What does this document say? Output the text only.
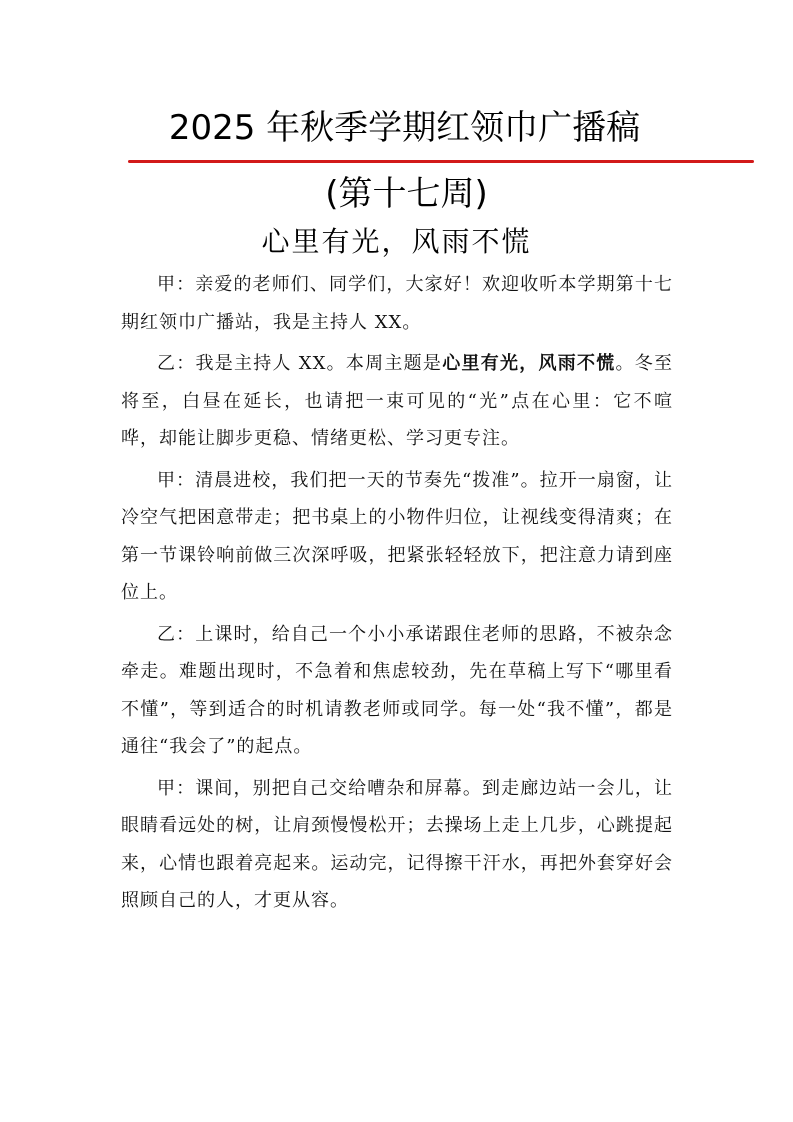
2025 年秋季学期红领巾广播稿
(第十七周)
心里有光，风雨不慌

甲：亲爱的老师们、同学们，大家好！欢迎收听本学期第十七期红领巾广播站，我是主持人 XX。

乙：我是主持人 XX。本周主题是心里有光，风雨不慌。冬至将至，白昼在延长，也请把一束可见的“光”点在心里：它不喧哗，却能让脚步更稳、情绪更松、学习更专注。

甲：清晨进校，我们把一天的节奏先“拨准”。拉开一扇窗，让冷空气把困意带走；把书桌上的小物件归位，让视线变得清爽；在第一节课铃响前做三次深呼吸，把紧张轻轻放下，把注意力请到座位上。

乙：上课时，给自己一个小小承诺跟住老师的思路，不被杂念牵走。难题出现时，不急着和焦虑较劲，先在草稿上写下“哪里看不懂”，等到适合的时机请教老师或同学。每一处“我不懂”，都是通往“我会了”的起点。

甲：课间，别把自己交给嘈杂和屏幕。到走廊边站一会儿，让眼睛看远处的树，让肩颈慢慢松开；去操场上走上几步，心跳提起来，心情也跟着亮起来。运动完，记得擦干汗水，再把外套穿好会照顾自己的人，才更从容。
